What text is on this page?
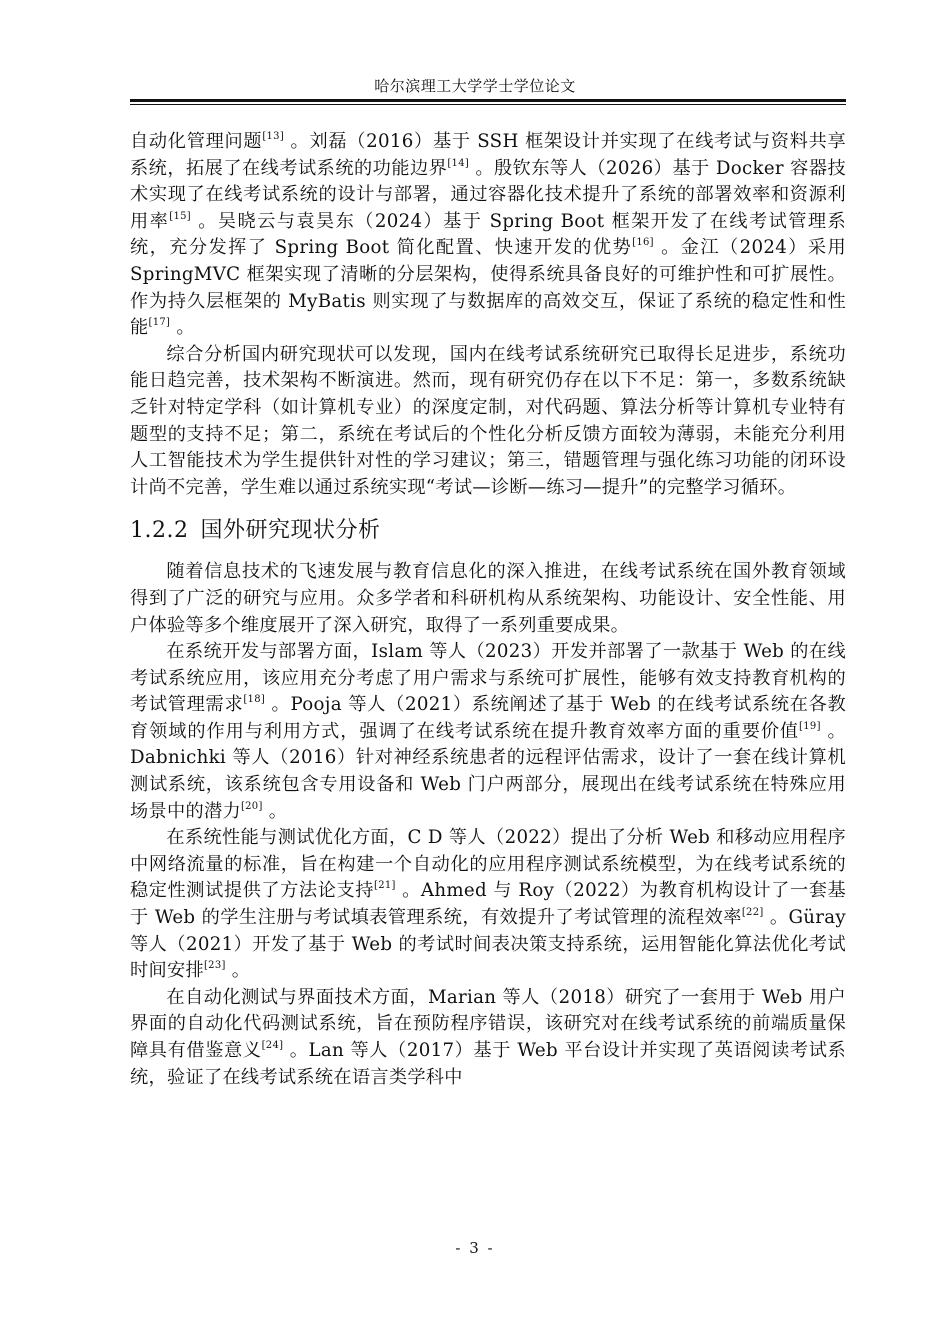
哈尔滨理工大学学士学位论文

自动化管理问题[13] 。刘磊（2016）基于 SSH 框架设计并实现了在线考试与资料共享系统，拓展了在线考试系统的功能边界[14] 。殷钦东等人（2026）基于 Docker 容器技术实现了在线考试系统的设计与部署，通过容器化技术提升了系统的部署效率和资源利用率[15] 。吴晓云与袁昊东（2024）基于 Spring Boot 框架开发了在线考试管理系统，充分发挥了 Spring Boot 简化配置、快速开发的优势[16] 。金江（2024）采用 SpringMVC 框架实现了清晰的分层架构，使得系统具备良好的可维护性和可扩展性。作为持久层框架的 MyBatis 则实现了与数据库的高效交互，保证了系统的稳定性和性能[17] 。

综合分析国内研究现状可以发现，国内在线考试系统研究已取得长足进步，系统功能日趋完善，技术架构不断演进。然而，现有研究仍存在以下不足：第一，多数系统缺乏针对特定学科（如计算机专业）的深度定制，对代码题、算法分析等计算机专业特有题型的支持不足；第二，系统在考试后的个性化分析反馈方面较为薄弱，未能充分利用人工智能技术为学生提供针对性的学习建议；第三，错题管理与强化练习功能的闭环设计尚不完善，学生难以通过系统实现“考试—诊断—练习—提升”的完整学习循环。

1.2.2 国外研究现状分析

随着信息技术的飞速发展与教育信息化的深入推进，在线考试系统在国外教育领域得到了广泛的研究与应用。众多学者和科研机构从系统架构、功能设计、安全性能、用户体验等多个维度展开了深入研究，取得了一系列重要成果。

在系统开发与部署方面，Islam 等人（2023）开发并部署了一款基于 Web 的在线考试系统应用，该应用充分考虑了用户需求与系统可扩展性，能够有效支持教育机构的考试管理需求[18] 。Pooja 等人（2021）系统阐述了基于 Web 的在线考试系统在各教育领域的作用与利用方式，强调了在线考试系统在提升教育效率方面的重要价值[19] 。Dabnichki 等人（2016）针对神经系统患者的远程评估需求，设计了一套在线计算机测试系统，该系统包含专用设备和 Web 门户两部分，展现出在线考试系统在特殊应用场景中的潜力[20] 。

在系统性能与测试优化方面，C D 等人（2022）提出了分析 Web 和移动应用程序中网络流量的标准，旨在构建一个自动化的应用程序测试系统模型，为在线考试系统的稳定性测试提供了方法论支持[21] 。Ahmed 与 Roy（2022）为教育机构设计了一套基于 Web 的学生注册与考试填表管理系统，有效提升了考试管理的流程效率[22] 。Güray 等人（2021）开发了基于 Web 的考试时间表决策支持系统，运用智能化算法优化考试时间安排[23] 。

在自动化测试与界面技术方面，Marian 等人（2018）研究了一套用于 Web 用户界面的自动化代码测试系统，旨在预防程序错误，该研究对在线考试系统的前端质量保障具有借鉴意义[24] 。Lan 等人（2017）基于 Web 平台设计并实现了英语阅读考试系统，验证了在线考试系统在语言类学科中

- 3 -
